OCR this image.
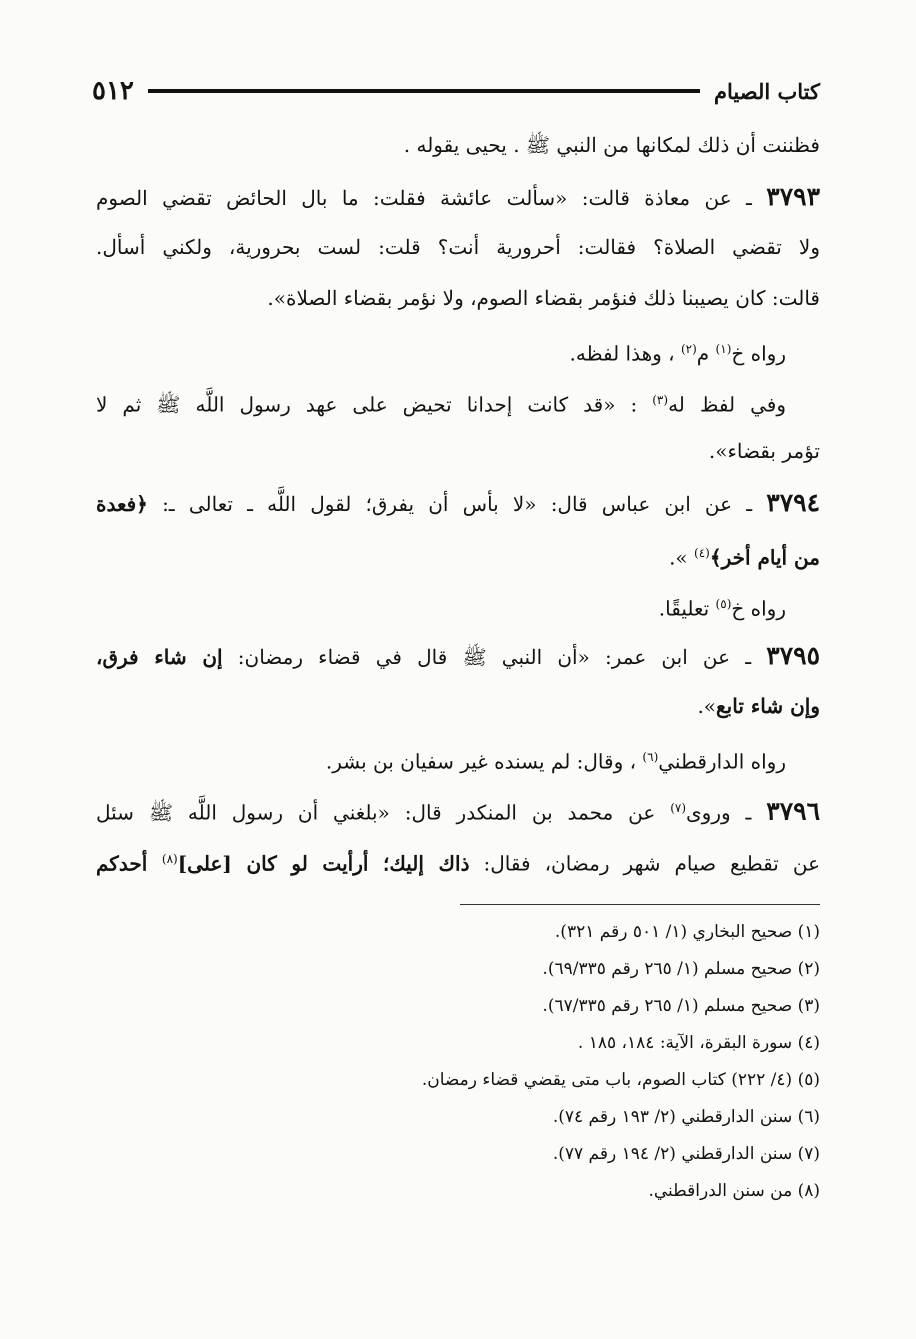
كتاب الصيام
٥١٢
فظننت أن ذلك لمكانها من النبي ﷺ . يحيى يقوله .
٣٧٩٣ ـ عن معاذة قالت: «سألت عائشة فقلت: ما بال الحائض تقضي الصوم
ولا تقضي الصلاة؟ فقالت: أحرورية أنت؟ قلت: لست بحرورية، ولكني أسأل.
قالت: كان يصيبنا ذلك فنؤمر بقضاء الصوم، ولا نؤمر بقضاء الصلاة».
رواه خ$^{(١)}$ م$^{(٢)}$ ، وهذا لفظه.
وفي لفظ له$^{(٣)}$ : «قد كانت إحدانا تحيض على عهد رسول اللَّه ﷺ ثم لا
تؤمر بقضاء».
٣٧٩٤ ـ عن ابن عباس قال: «لا بأس أن يفرق؛ لقول اللَّه ـ تعالى ـ: ﴿فعدة
من أيام أخر﴾$^{(٤)}$ ».
رواه خ$^{(٥)}$ تعليقًا.
٣٧٩٥ ـ عن ابن عمر: «أن النبي ﷺ قال في قضاء رمضان: إن شاء فرق،
وإن شاء تابع».
رواه الدارقطني$^{(٦)}$ ، وقال: لم يسنده غير سفيان بن بشر.
٣٧٩٦ ـ وروى$^{(٧)}$ عن محمد بن المنكدر قال: «بلغني أن رسول اللَّه ﷺ سئل
عن تقطيع صيام شهر رمضان، فقال: ذاك إليك؛ أرأيت لو كان [على]$^{(٨)}$ أحدكم
(١) صحيح البخاري (١/ ٥٠١ رقم ٣٢١).
(٢) صحيح مسلم (١/ ٢٦٥ رقم ٦٩/٣٣٥).
(٣) صحيح مسلم (١/ ٢٦٥ رقم ٦٧/٣٣٥).
(٤) سورة البقرة، الآية: ١٨٤، ١٨٥ .
(٥) (٤/ ٢٢٢) كتاب الصوم، باب متى يقضي قضاء رمضان.
(٦) سنن الدارقطني (٢/ ١٩٣ رقم ٧٤).
(٧) سنن الدارقطني (٢/ ١٩٤ رقم ٧٧).
(٨) من سنن الدراقطني.
